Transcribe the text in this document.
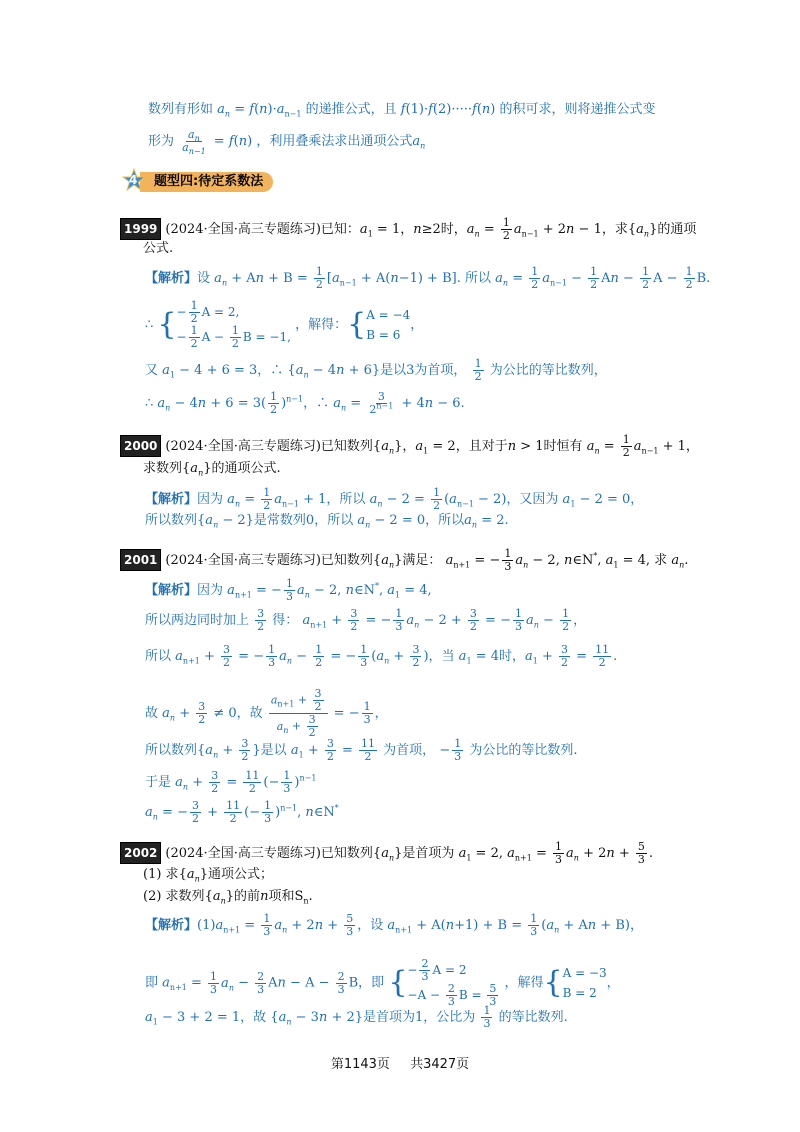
数列有形如 $a_n = f(n)\cdot a_{n-1}$ 的递推公式，且 f(1)·f(2)·····f(n) 的积可求，则将递推公式变
形为 $\frac{a_n}{a_{n-1}} = f(n)$ ，利用叠乘法求出通项公式$a_n$
题型四:待定系数法
4
1999 (2024·全国·高三专题练习)已知：$a_1 = 1$，n≥2时，$a_n = \frac{1}{2} a_{n-1} + 2n - 1$，求$\{a_n\}$的通项
公式.
【解析】设 $a_n + An + B = \frac{1}{2} [a_{n-1} + A(n-1) + B]$. 所以 $a_n = \frac{1}{2} a_{n-1} - \frac{1}{2}$ $An - \frac{1}{2}$ $A - \frac{1}{2} B$.
∴ { − $\frac{1}{2}$ A = 2,
− $\frac{1}{2}$ $A - \frac{1}{2}$ B = −1,
，解得：{ A = −4
B = 6
，
又 $a_1 - 4 + 6 = 3$，∴ $\{a_n - 4n + 6\}$是以3为首项， $\frac{1}{2}$ 为公比的等比数列，
∴ $a_n - 4n + 6 = 3( \frac{1}{2} )^{n-1}$，∴ $a_n = \frac{3}{2^{n-1}} + 4n - 6$.
2000 (2024·全国·高三专题练习)已知数列$\{a_n\}$，$a_1 = 2$，且对于n > 1时恒有 $a_n = \frac{1}{2} a_{n-1} + 1$，
求数列$\{a_n\}$的通项公式.
【解析】因为 $a_n = \frac{1}{2} a_{n-1} + 1$，所以 $a_n - 2 = \frac{1}{2} (a_{n-1} - 2)$，又因为 $a_1 - 2 = 0$，
所以数列$\{a_n - 2\}$是常数列0，所以 $a_n - 2 = 0$，所以$a_n = 2$.
2001 (2024·全国·高三专题练习)已知数列$\{a_n\}$满足： $a_{n+1}$ = − $\frac{1}{3} a_n - 2$, n∈N*, $a_1 = 4$, 求 $a_n$.
【解析】因为 $a_{n+1}$ = − $\frac{1}{3} a_n - 2$, n∈N*, $a_1 = 4$,
所以两边同时加上 $\frac{3}{2}$ 得： $a_{n+1} + \frac{3}{2}$ = − $\frac{1}{3} a_n - 2 + \frac{3}{2}$ = − $\frac{1}{3} a_n - \frac{1}{2}$ ，
所以 $a_{n+1} + \frac{3}{2}$ = − $\frac{1}{3} a_n - \frac{1}{2}$ = − $\frac{1}{3} (a_n + \frac{3}{2}$ )，当 $a_1 = 4$时，$a_1 + \frac{3}{2} = \frac{11}{2}$ .
故 $a_n + \frac{3}{2} \ne 0$，故 $\frac{a_{n+1} + \frac{3}{2}}{a_n + \frac{3}{2}}$ = − $\frac{1}{3}$ ，
所以数列{$a_n + \frac{3}{2}$ }是以 $a_1 + \frac{3}{2} = \frac{11}{2}$ 为首项， − $\frac{1}{3}$ 为公比的等比数列.
于是 $a_n + \frac{3}{2} = \frac{11}{2}$ (− $\frac{1}{3} )^{n-1}$
$a_n$ = − $\frac{3}{2} + \frac{11}{2}$ (− $\frac{1}{3} )^{n-1}$, n∈N*
2002 (2024·全国·高三专题练习)已知数列$\{a_n\}$是首项为 $a_1 = 2$, $a_{n+1} = \frac{1}{3} a_n + 2n + \frac{5}{3}$ .
(1) 求$\{a_n\}$通项公式；
(2) 求数列$\{a_n\}$的前n项和$S_n$.
【解析】$(1)a_{n+1} = \frac{1}{3} a_n + 2n + \frac{5}{3}$ ，设 $a_{n+1} + A(n+1) + B = \frac{1}{3} (a_n + An + B)$，
即 $a_{n+1} = \frac{1}{3} a_n - \frac{2}{3}$ $An - A - \frac{2}{3}$ B，即 { − $\frac{2}{3}$ A = 2
$-A - \frac{2}{3}$ $B = \frac{5}{3}$ ，解得{ A = −3
B = 2
，
$a_1 - 3 + 2 = 1$，故 $\{a_n - 3n + 2\}$是首项为1，公比为 $\frac{1}{3}$ 的等比数列.
第1143页 共3427页
